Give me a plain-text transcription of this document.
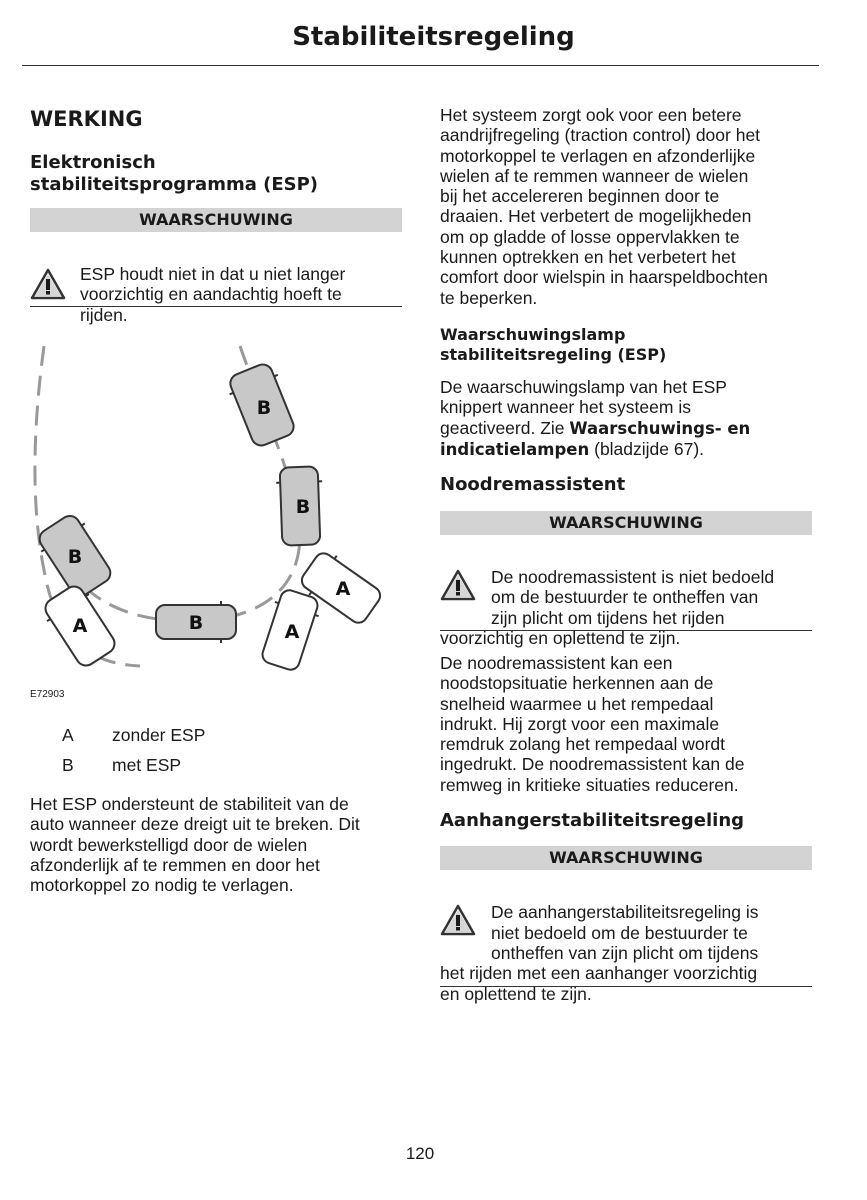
Stabiliteitsregeling
WERKING
Elektronisch
stabiliteitsprogramma (ESP)
WAARSCHUWING
ESP houdt niet in dat u niet langer
voorzichtig en aandachtig hoeft te
rijden.
B
B
B
B
A	A
A
E72903
A zonder ESP
B met ESP
Het ESP ondersteunt de stabiliteit van de
auto wanneer deze dreigt uit te breken. Dit
wordt bewerkstelligd door de wielen
afzonderlijk af te remmen en door het
motorkoppel zo nodig te verlagen.
Het systeem zorgt ook voor een betere
aandrijfregeling (traction control) door het
motorkoppel te verlagen en afzonderlijke
wielen af te remmen wanneer de wielen
bij het accelereren beginnen door te
draaien. Het verbetert de mogelijkheden
om op gladde of losse oppervlakken te
kunnen optrekken en het verbetert het
comfort door wielspin in haarspeldbochten
te beperken.
Waarschuwingslamp
stabiliteitsregeling (ESP)
De waarschuwingslamp van het ESP
knippert wanneer het systeem is
geactiveerd. Zie Waarschuwings- en
indicatielampen (bladzijde 67).
Noodremassistent
WAARSCHUWING
De noodremassistent is niet bedoeld
om de bestuurder te ontheffen van
zijn plicht om tijdens het rijden
voorzichtig en oplettend te zijn.
De noodremassistent kan een
noodstopsituatie herkennen aan de
snelheid waarmee u het rempedaal
indrukt. Hij zorgt voor een maximale
remdruk zolang het rempedaal wordt
ingedrukt. De noodremassistent kan de
remweg in kritieke situaties reduceren.
Aanhangerstabiliteitsregeling
WAARSCHUWING
De aanhangerstabiliteitsregeling is
niet bedoeld om de bestuurder te
ontheffen van zijn plicht om tijdens
het rijden met een aanhanger voorzichtig
en oplettend te zijn.
120
